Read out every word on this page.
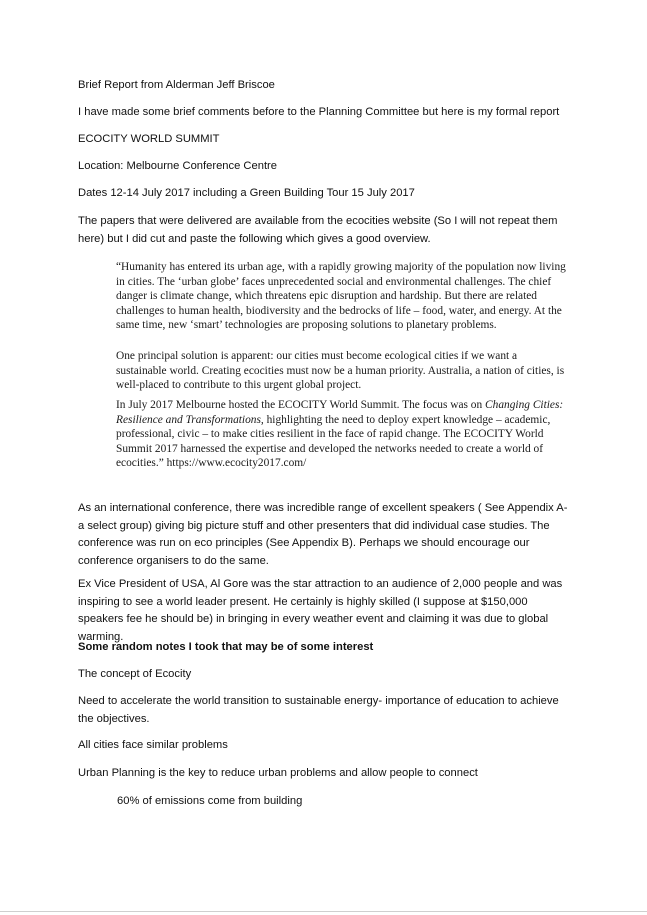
Brief Report from Alderman Jeff Briscoe

I have made some brief comments before to the Planning Committee but here is my formal report

ECOCITY WORLD SUMMIT

Location: Melbourne Conference Centre

Dates 12-14 July 2017 including a Green Building Tour 15 July 2017

The papers that were delivered are available from the ecocities website (So I will not repeat them here) but I did cut and paste the following which gives a good overview.

“Humanity has entered its urban age, with a rapidly growing majority of the population now living in cities. The ‘urban globe’ faces unprecedented social and environmental challenges. The chief danger is climate change, which threatens epic disruption and hardship. But there are related challenges to human health, biodiversity and the bedrocks of life – food, water, and energy. At the same time, new ‘smart’ technologies are proposing solutions to planetary problems.

One principal solution is apparent: our cities must become ecological cities if we want a sustainable world. Creating ecocities must now be a human priority. Australia, a nation of cities, is well-placed to contribute to this urgent global project.

In July 2017 Melbourne hosted the ECOCITY World Summit. The focus was on Changing Cities: Resilience and Transformations, highlighting the need to deploy expert knowledge – academic, professional, civic – to make cities resilient in the face of rapid change. The ECOCITY World Summit 2017 harnessed the expertise and developed the networks needed to create a world of ecocities.” https://www.ecocity2017.com/

As an international conference, there was incredible range of excellent speakers ( See Appendix A- a select group) giving big picture stuff and other presenters that did individual case studies. The conference was run on eco principles (See Appendix B). Perhaps we should encourage our conference organisers to do the same.

Ex Vice President of USA, Al Gore was the star attraction to an audience of 2,000 people and was inspiring to see a world leader present. He certainly is highly skilled (I suppose at $150,000 speakers fee he should be) in bringing in every weather event and claiming it was due to global warming.

Some random notes I took that may be of some interest

The concept of Ecocity

Need to accelerate the world transition to sustainable energy- importance of education to achieve the objectives.

All cities face similar problems

Urban Planning is the key to reduce urban problems and allow people to connect

60% of emissions come from building
